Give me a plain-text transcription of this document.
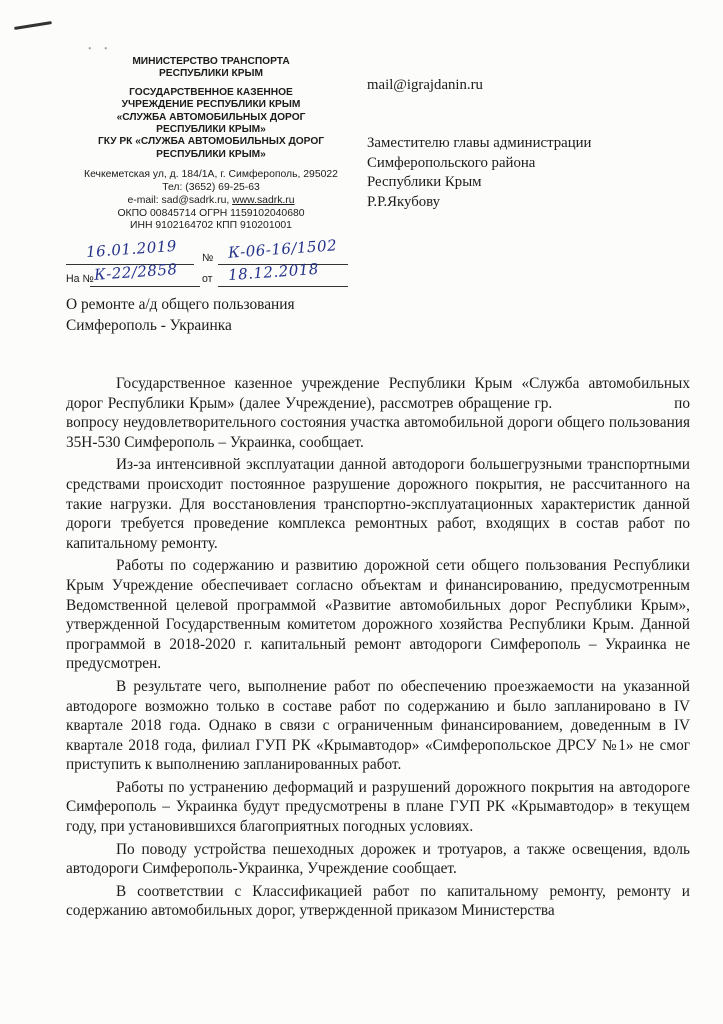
• •
МИНИСТЕРСТВО ТРАНСПОРТА
РЕСПУБЛИКИ КРЫМ
ГОСУДАРСТВЕННОЕ КАЗЕННОЕ
УЧРЕЖДЕНИЕ РЕСПУБЛИКИ КРЫМ
«СЛУЖБА АВТОМОБИЛЬНЫХ ДОРОГ
РЕСПУБЛИКИ КРЫМ»
ГКУ РК «СЛУЖБА АВТОМОБИЛЬНЫХ ДОРОГ
РЕСПУБЛИКИ КРЫМ»
Кечкеметская ул, д. 184/1А, г. Симферополь, 295022
Тел: (3652) 69-25-63
e-mail: sad@sadrk.ru, www.sadrk.ru
ОКПО 00845714 ОГРН 1159102040680
ИНН 9102164702 КПП 910201001
16.01.2019 № К-06-16/1502
На № К-22/2858 от 18.12.2018
mail@igrajdanin.ru
Заместителю главы администрации
Симферопольского района
Республики Крым
Р.Р.Якубову
О ремонте а/д общего пользования
Симферополь - Украинка

Государственное казенное учреждение Республики Крым «Служба автомобильных дорог Республики Крым» (далее Учреждение), рассмотрев обращение гр.                          по вопросу неудовлетворительного состояния участка автомобильной дороги общего пользования 35Н-530 Симферополь – Украинка, сообщает.

Из-за интенсивной эксплуатации данной автодороги большегрузными транспортными средствами происходит постоянное разрушение дорожного покрытия, не рассчитанного на такие нагрузки. Для восстановления транспортно-эксплуатационных характеристик данной дороги требуется проведение комплекса ремонтных работ, входящих в состав работ по капитальному ремонту.

Работы по содержанию и развитию дорожной сети общего пользования Республики Крым Учреждение обеспечивает согласно объектам и финансированию, предусмотренным Ведомственной целевой программой «Развитие автомобильных дорог Республики Крым», утвержденной Государственным комитетом дорожного хозяйства Республики Крым. Данной программой в 2018-2020 г. капитальный ремонт автодороги Симферополь – Украинка не предусмотрен.

В результате чего, выполнение работ по обеспечению проезжаемости на указанной автодороге возможно только в составе работ по содержанию и было запланировано в IV квартале 2018 года. Однако в связи с ограниченным финансированием, доведенным в IV квартале 2018 года, филиал ГУП РК «Крымавтодор» «Симферопольское ДРСУ №1» не смог приступить к выполнению запланированных работ.

Работы по устранению деформаций и разрушений дорожного покрытия на автодороге Симферополь – Украинка будут предусмотрены в плане ГУП РК «Крымавтодор» в текущем году, при установившихся благоприятных погодных условиях.

По поводу устройства пешеходных дорожек и тротуаров, а также освещения, вдоль автодороги Симферополь-Украинка, Учреждение сообщает.

В соответствии с Классификацией работ по капитальному ремонту, ремонту и содержанию автомобильных дорог, утвержденной приказом Министерства
